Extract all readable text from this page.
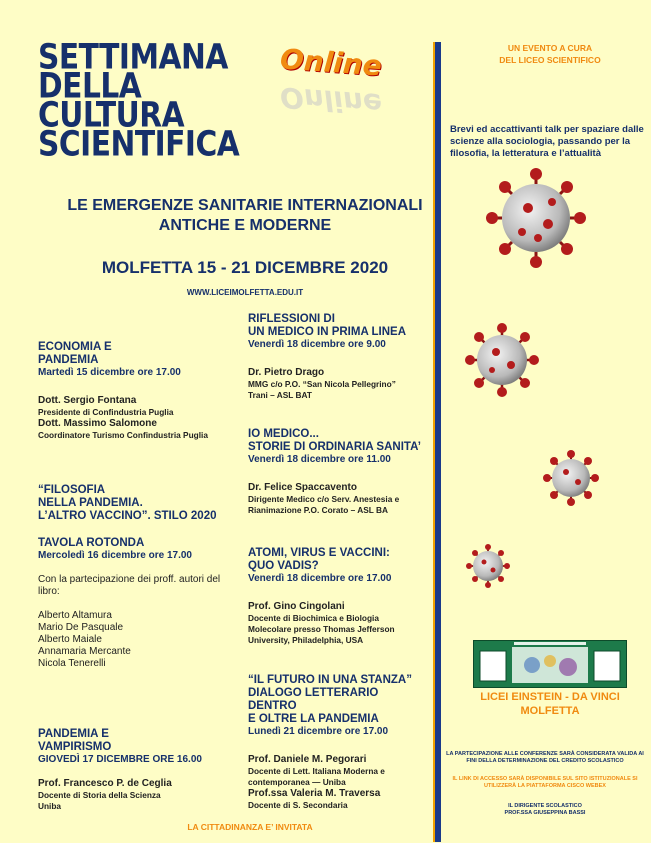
SETTIMANA
DELLA
CULTURA
SCIENTIFICA
Online
Online
LE EMERGENZE SANITARIE INTERNAZIONALI
ANTICHE E MODERNE
MOLFETTA 15 - 21 DICEMBRE 2020
WWW.LICEIMOLFETTA.EDU.IT
ECONOMIA E
PANDEMIA
Martedì 15 dicembre ore 17.00
Dott. Sergio Fontana
Presidente di Confindustria Puglia
Dott. Massimo Salomone
Coordinatore Turismo Confindustria Puglia
“FILOSOFIA
NELLA PANDEMIA.
L’ALTRO VACCINO”. STILO 2020
TAVOLA ROTONDA
Mercoledì 16 dicembre ore 17.00
Con la partecipazione dei proff. autori del libro:
Alberto Altamura
Mario De Pasquale
Alberto Maiale
Annamaria Mercante
Nicola Tenerelli
PANDEMIA E
VAMPIRISMO
GIOVEDÌ 17 DICEMBRE ORE 16.00
Prof. Francesco P. de Ceglia
Docente di Storia della Scienza
Uniba
RIFLESSIONI DI
UN MEDICO IN PRIMA LINEA
Venerdì 18 dicembre ore 9.00
Dr. Pietro Drago
MMG c/o P.O. “San Nicola Pellegrino”
Trani – ASL BAT
IO MEDICO...
STORIE DI ORDINARIA SANITA’
Venerdì 18 dicembre ore 11.00
Dr. Felice Spaccavento
Dirigente Medico c/o Serv. Anestesia e
Rianimazione P.O. Corato – ASL BA
ATOMI, VIRUS E VACCINI:
QUO VADIS?
Venerdì 18 dicembre ore 17.00
Prof. Gino Cingolani
Docente di Biochimica e Biologia
Molecolare presso Thomas Jefferson
University, Philadelphia, USA
“IL FUTURO IN UNA STANZA”
DIALOGO LETTERARIO DENTRO
E OLTRE LA PANDEMIA
Lunedì 21 dicembre ore 17.00
Prof. Daniele M. Pegorari
Docente di Lett. Italiana Moderna e
contemporanea — Uniba
Prof.ssa Valeria M. Traversa
Docente di S. Secondaria
UN EVENTO A CURA
DEL LICEO SCIENTIFICO
Brevi ed accattivanti talk per spaziare dalle scienze alla sociologia, passando per la filosofia, la letteratura e l’attualità
LICEI EINSTEIN - DA VINCI
MOLFETTA
LA PARTECIPAZIONE ALLE CONFERENZE SARÀ CONSIDERATA VALIDA AI FINI DELLA DETERMINAZIONE DEL CREDITO SCOLASTICO
IL LINK DI ACCESSO SARÀ DISPONIBILE SUL SITO ISTITUZIONALE SI UTILIZZERÀ LA PIATTAFORMA CISCO WEBEX
IL DIRIGENTE SCOLASTICO
PROF.SSA GIUSEPPINA BASSI
LA CITTADINANZA E’ INVITATA
